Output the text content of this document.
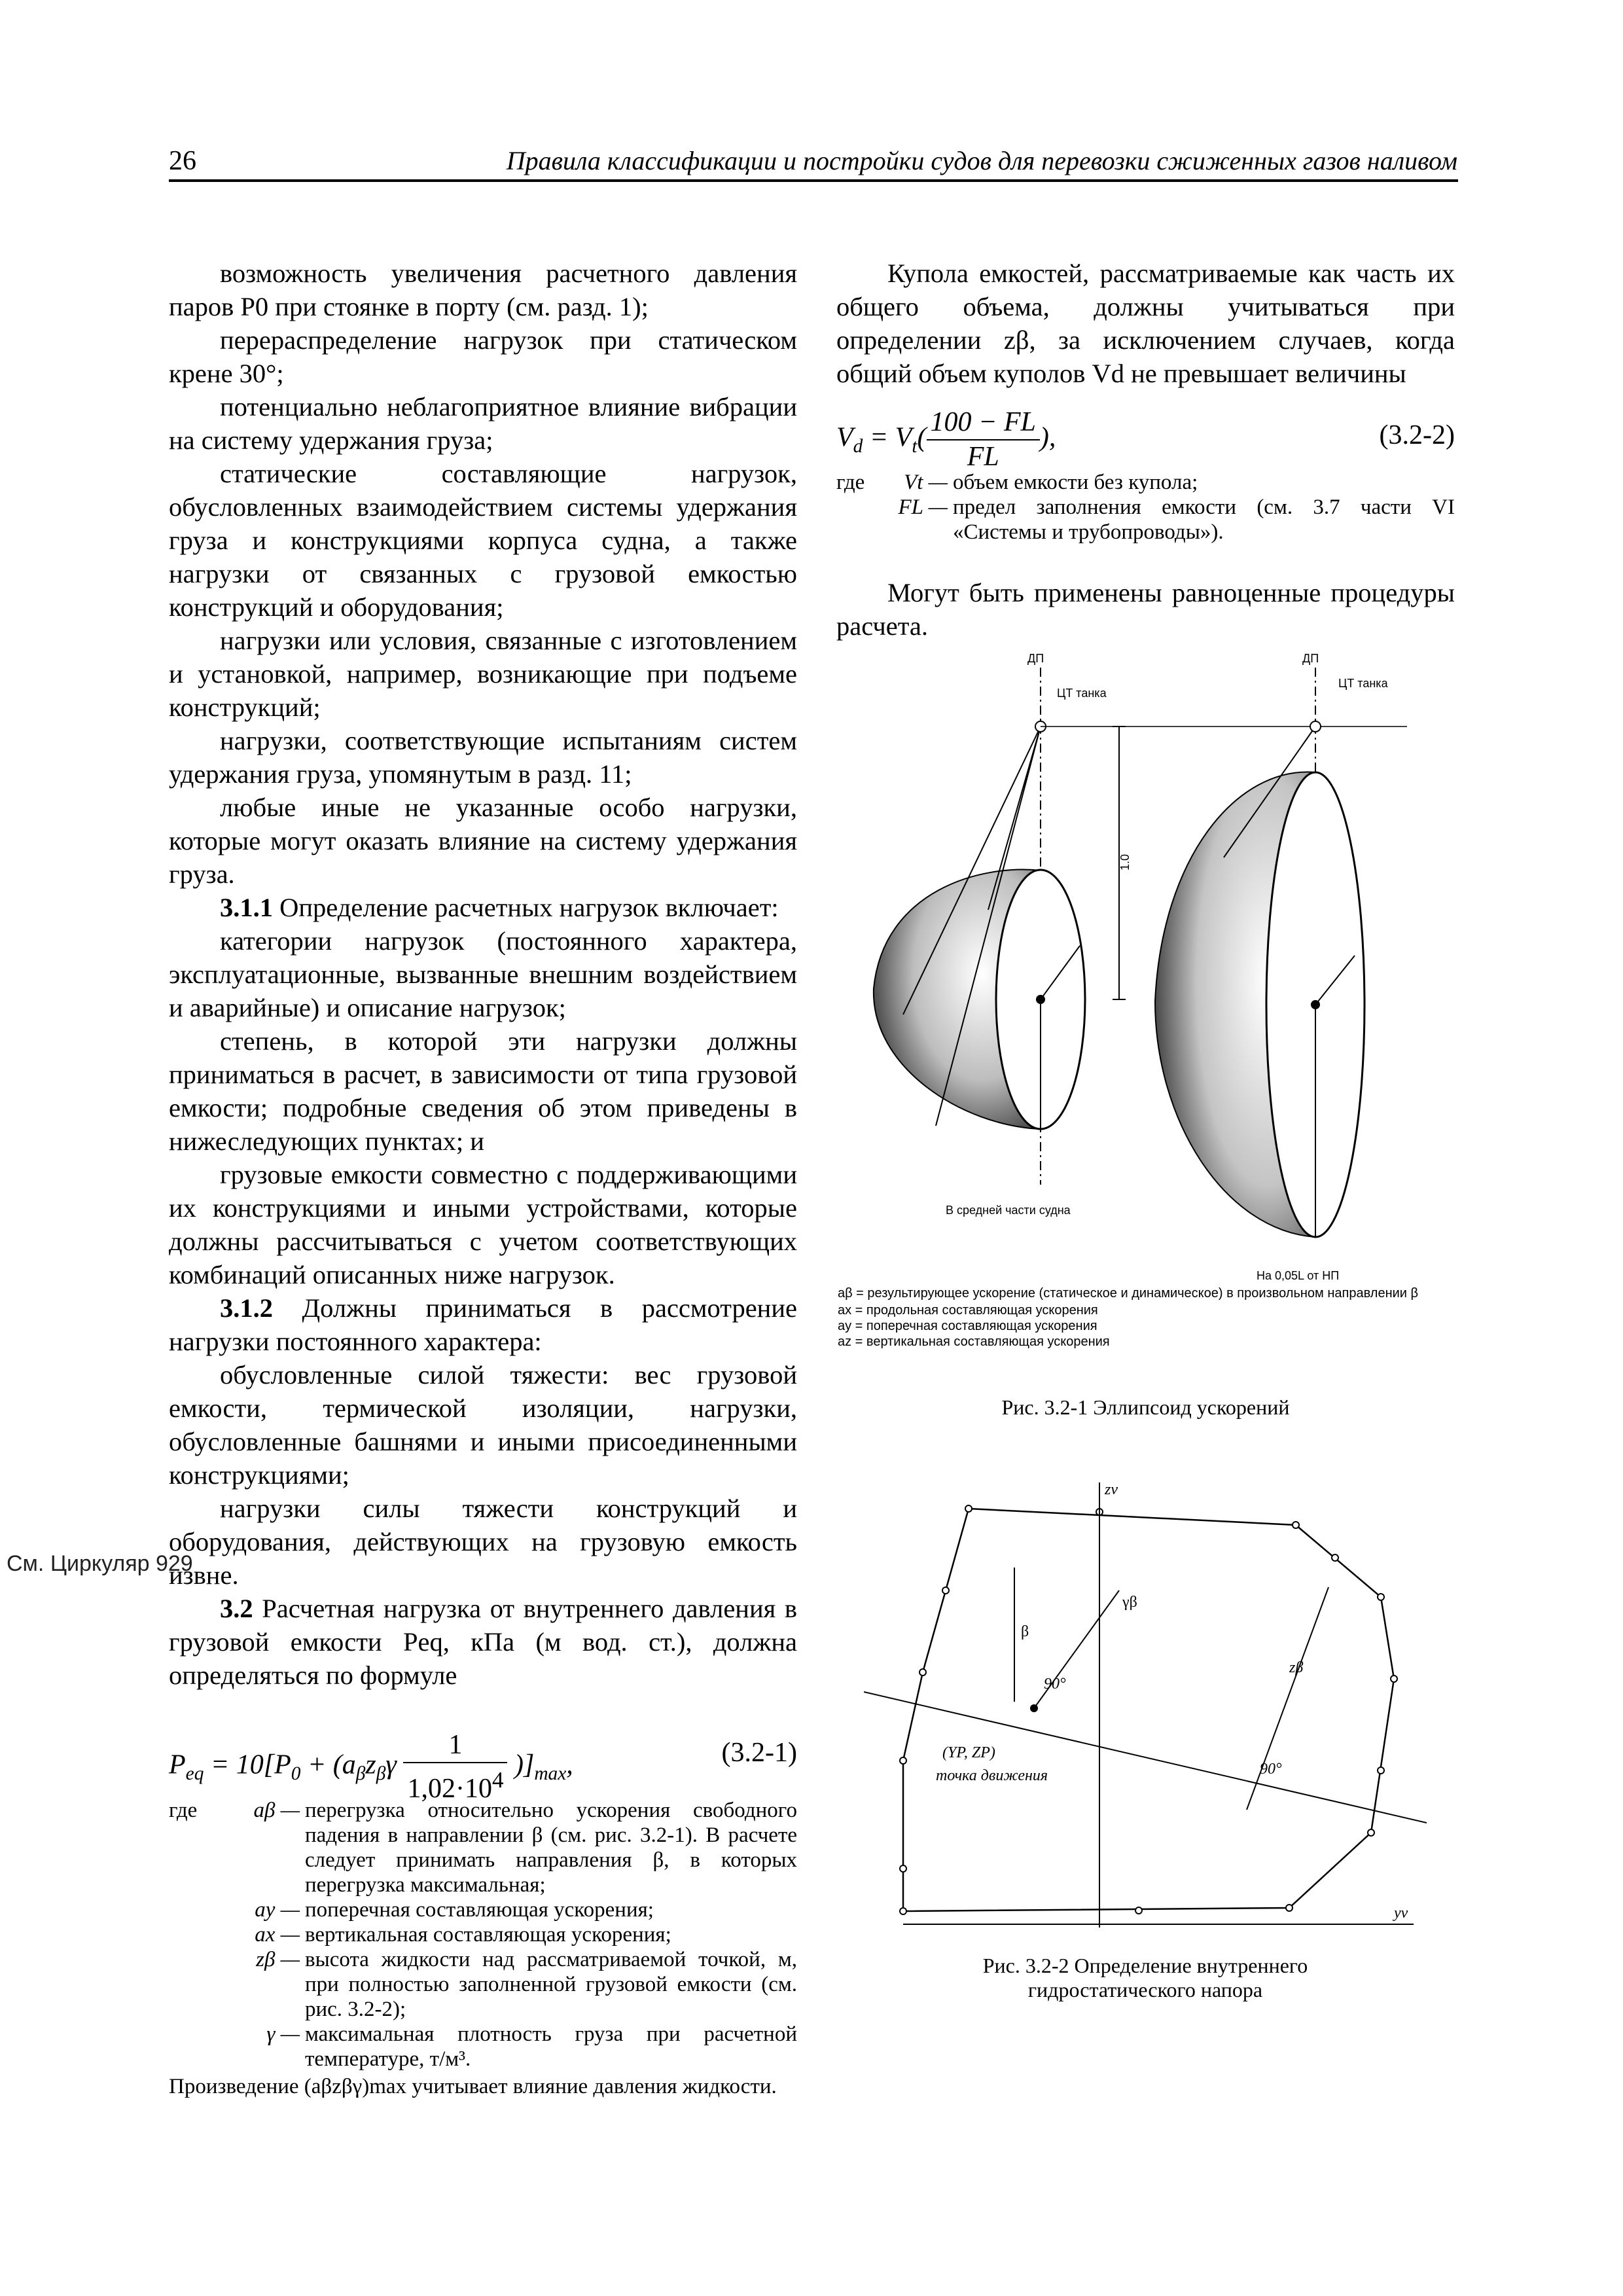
26	Правила классификации и постройки судов для перевозки сжиженных газов наливом
См. Циркуляр 929

возможность увеличения расчетного давления паров P0 при стоянке в порту (см. разд. 1);

перераспределение нагрузок при статическом крене 30°;

потенциально неблагоприятное влияние вибрации на систему удержания груза;

статические составляющие нагрузок, обусловленных взаимодействием системы удержания груза и конструкциями корпуса судна, а также нагрузки от связанных с грузовой емкостью конструкций и оборудования;

нагрузки или условия, связанные с изготовлением и установкой, например, возникающие при подъеме конструкций;

нагрузки, соответствующие испытаниям систем удержания груза, упомянутым в разд. 11;

любые иные не указанные особо нагрузки, которые могут оказать влияние на систему удержания груза.

3.1.1 Определение расчетных нагрузок включает:

категории нагрузок (постоянного характера, эксплуатационные, вызванные внешним воздействием и аварийные) и описание нагрузок;

степень, в которой эти нагрузки должны приниматься в расчет, в зависимости от типа грузовой емкости; подробные сведения об этом приведены в нижеследующих пунктах; и

грузовые емкости совместно с поддерживающими их конструкциями и иными устройствами, которые должны рассчитываться с учетом соответствующих комбинаций описанных ниже нагрузок.

3.1.2 Должны приниматься в рассмотрение нагрузки постоянного характера:

обусловленные силой тяжести: вес грузовой емкости, термической изоляции, нагрузки, обусловленные башнями и иными присоединенными конструкциями;

нагрузки силы тяжести конструкций и оборудования, действующих на грузовую емкость извне.

3.2 Расчетная нагрузка от внутреннего давления в грузовой емкости Peq, кПа (м вод. ст.), должна определяться по формуле

$P_{eq} = 10[P_0 + (a_\beta z_\beta\gamma \frac{1}{1,02\cdot 10^4} )]_{max}$,	(3.2-1)
где	aβ —	перегрузка относительно ускорения свободного падения в направлении β (см. рис. 3.2-1). В расчете следует принимать направления β, в которых перегрузка максимальная;
	ay —	поперечная составляющая ускорения;
	ax —	вертикальная составляющая ускорения;
	zβ —	высота жидкости над рассматриваемой точкой, м, при полностью заполненной грузовой емкости (см. рис. 3.2-2);
	γ —	максимальная плотность груза при расчетной температуре, т/м³.
Произведение (aβzβγ)max учитывает влияние давления жидкости.

Купола емкостей, рассматриваемые как часть их общего объема, должны учитываться при определении zβ, за исключением случаев, когда общий объем куполов Vd не превышает величины

$V_d = V_t( \frac{100 - FL}{FL}$ ),	(3.2-2)
где	Vt —	объем емкости без купола;
	FL —	предел заполнения емкости (см. 3.7 части VI «Системы и трубопроводы»).

Могут быть применены равноценные процедуры расчета.

1.0
ДП	ДП
ЦТ танка
ЦТ танка
В средней части судна
На 0,05L от НП
aβ = результирующее ускорение (статическое и динамическое) в произвольном направлении β
ax = продольная составляющая ускорения
ay = поперечная составляющая ускорения
az = вертикальная составляющая ускорения
Рис. 3.2-1 Эллипсоид ускорений
zv
yv
γβ
β
zβ
90°
90°
(YP, ZP)
точка движения
Рис. 3.2-2 Определение внутреннего гидростатического напора
